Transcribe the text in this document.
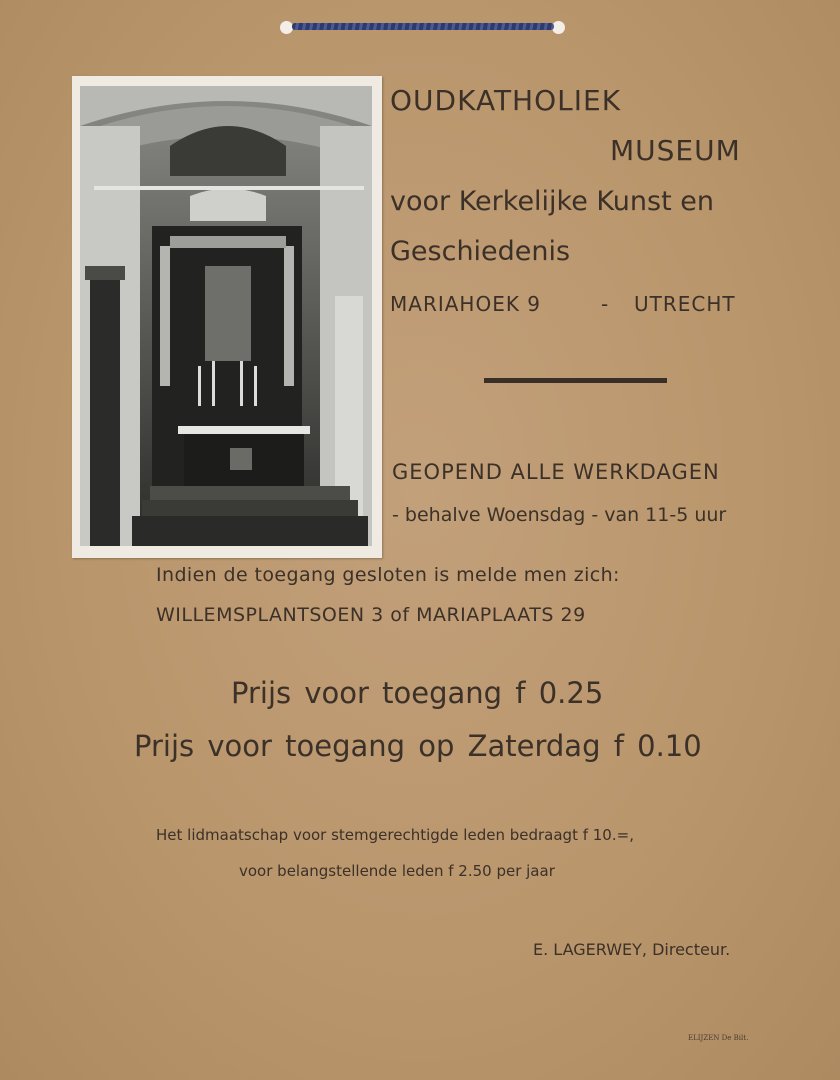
OUDKATHOLIEK
MUSEUM
voor Kerkelijke Kunst en
Geschiedenis
MARIAHOEK 9	- UTRECHT
GEOPEND ALLE WERKDAGEN
- behalve Woensdag - van 11-5 uur
Indien de toegang gesloten is melde men zich:
WILLEMSPLANTSOEN 3 of MARIAPLAATS 29
Prijs voor toegang f 0.25
Prijs voor toegang op Zaterdag f 0.10
Het lidmaatschap voor stemgerechtigde leden bedraagt f 10.=,
voor belangstellende leden f 2.50 per jaar
E. LAGERWEY, Directeur.
ELIJZEN De Bilt.
